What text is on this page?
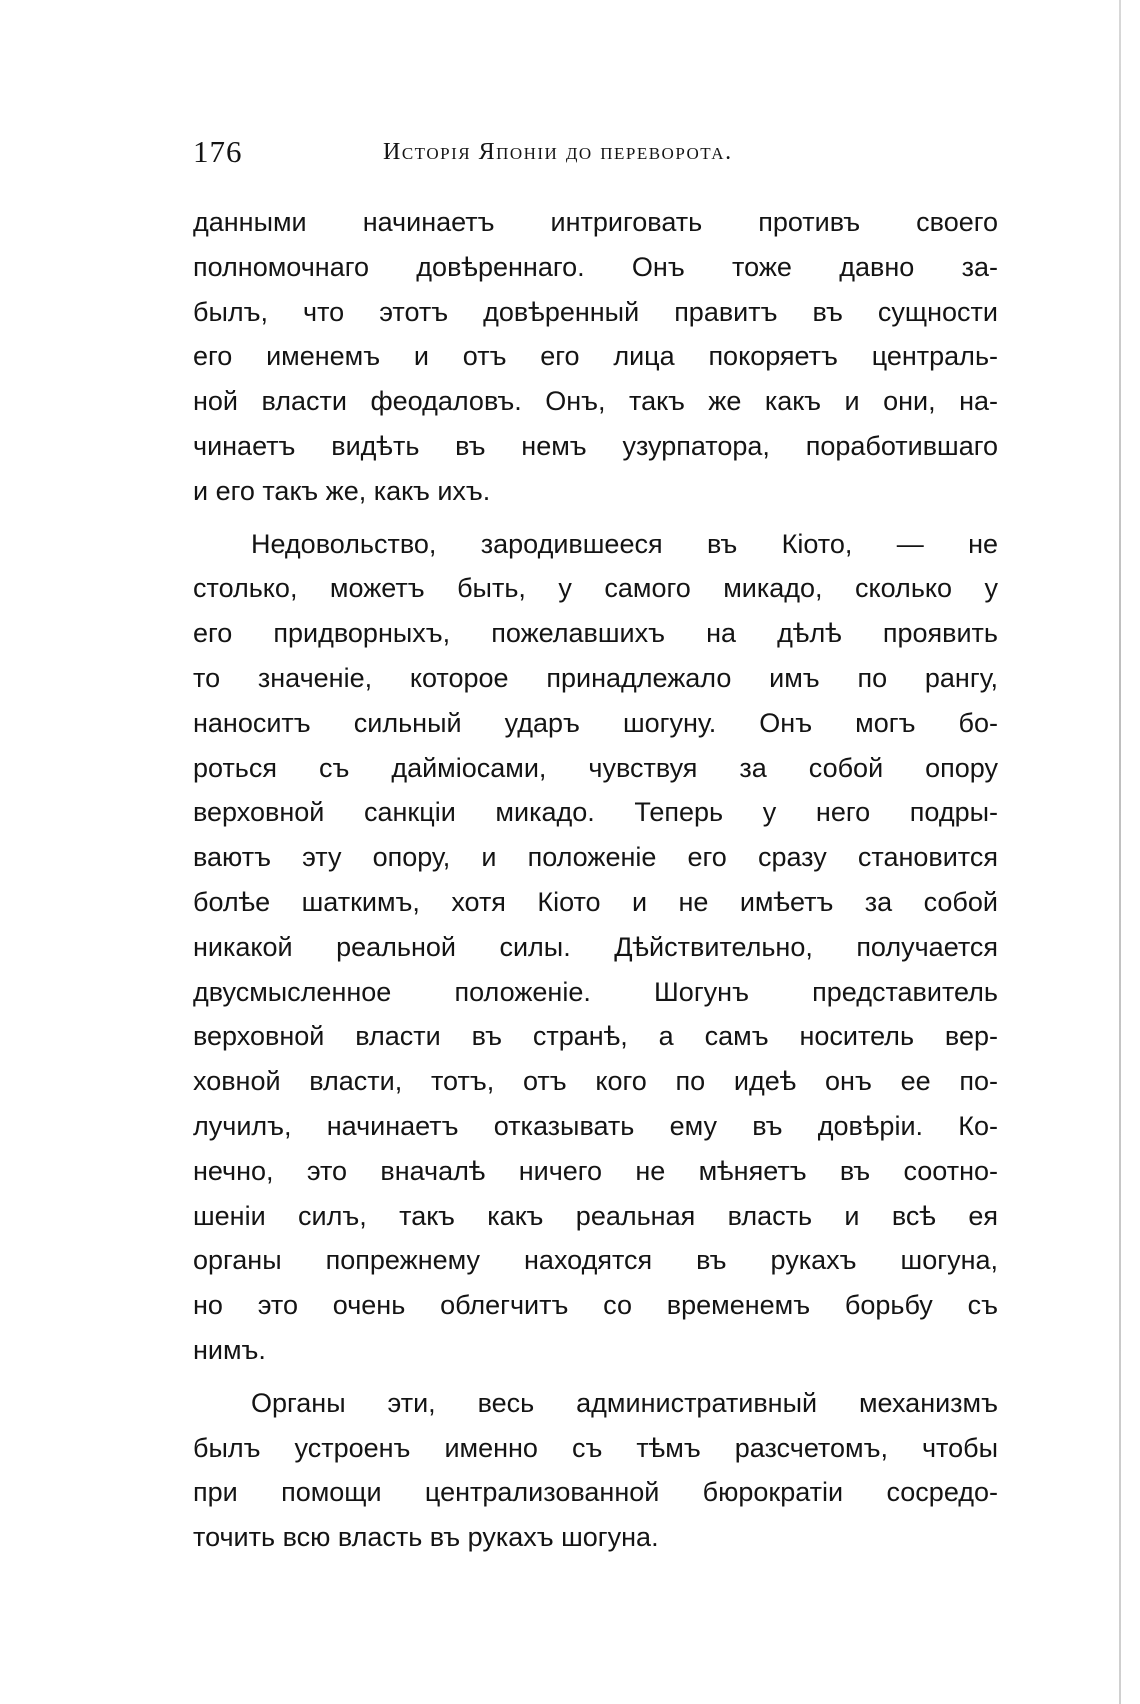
176	Исторія Японіи до переворота.
данными начинаетъ интриговать противъ своего
полномочнаго довѣреннаго. Онъ тоже давно за-
былъ, что этотъ довѣренный правитъ въ сущности
его именемъ и отъ его лица покоряетъ централь-
ной власти феодаловъ. Онъ, такъ же какъ и они, на-
чинаетъ видѣть въ немъ узурпатора, поработившаго
и его такъ же, какъ ихъ.
Недовольство, зародившееся въ Кіото, — не
столько, можетъ быть, у самого микадо, сколько у
его придворныхъ, пожелавшихъ на дѣлѣ проявить
то значеніе, которое принадлежало имъ по рангу,
наноситъ сильный ударъ шогуну. Онъ могъ бо-
роться съ дайміосами, чувствуя за собой опору
верховной санкціи микадо. Теперь у него подры-
ваютъ эту опору, и положеніе его сразу становится
болѣе шаткимъ, хотя Кіото и не имѣетъ за собой
никакой реальной силы. Дѣйствительно, получается
двусмысленное положеніе. Шогунъ представитель
верховной власти въ странѣ, а самъ носитель вер-
ховной власти, тотъ, отъ кого по идеѣ онъ ее по-
лучилъ, начинаетъ отказывать ему въ довѣріи. Ко-
нечно, это вначалѣ ничего не мѣняетъ въ соотно-
шеніи силъ, такъ какъ реальная власть и всѣ ея
органы попрежнему находятся въ рукахъ шогуна,
но это очень облегчитъ со временемъ борьбу съ
нимъ.
Органы эти, весь административный механизмъ
былъ устроенъ именно съ тѣмъ разсчетомъ, чтобы
при помощи централизованной бюрократіи сосредо-
точить всю власть въ рукахъ шогуна.
